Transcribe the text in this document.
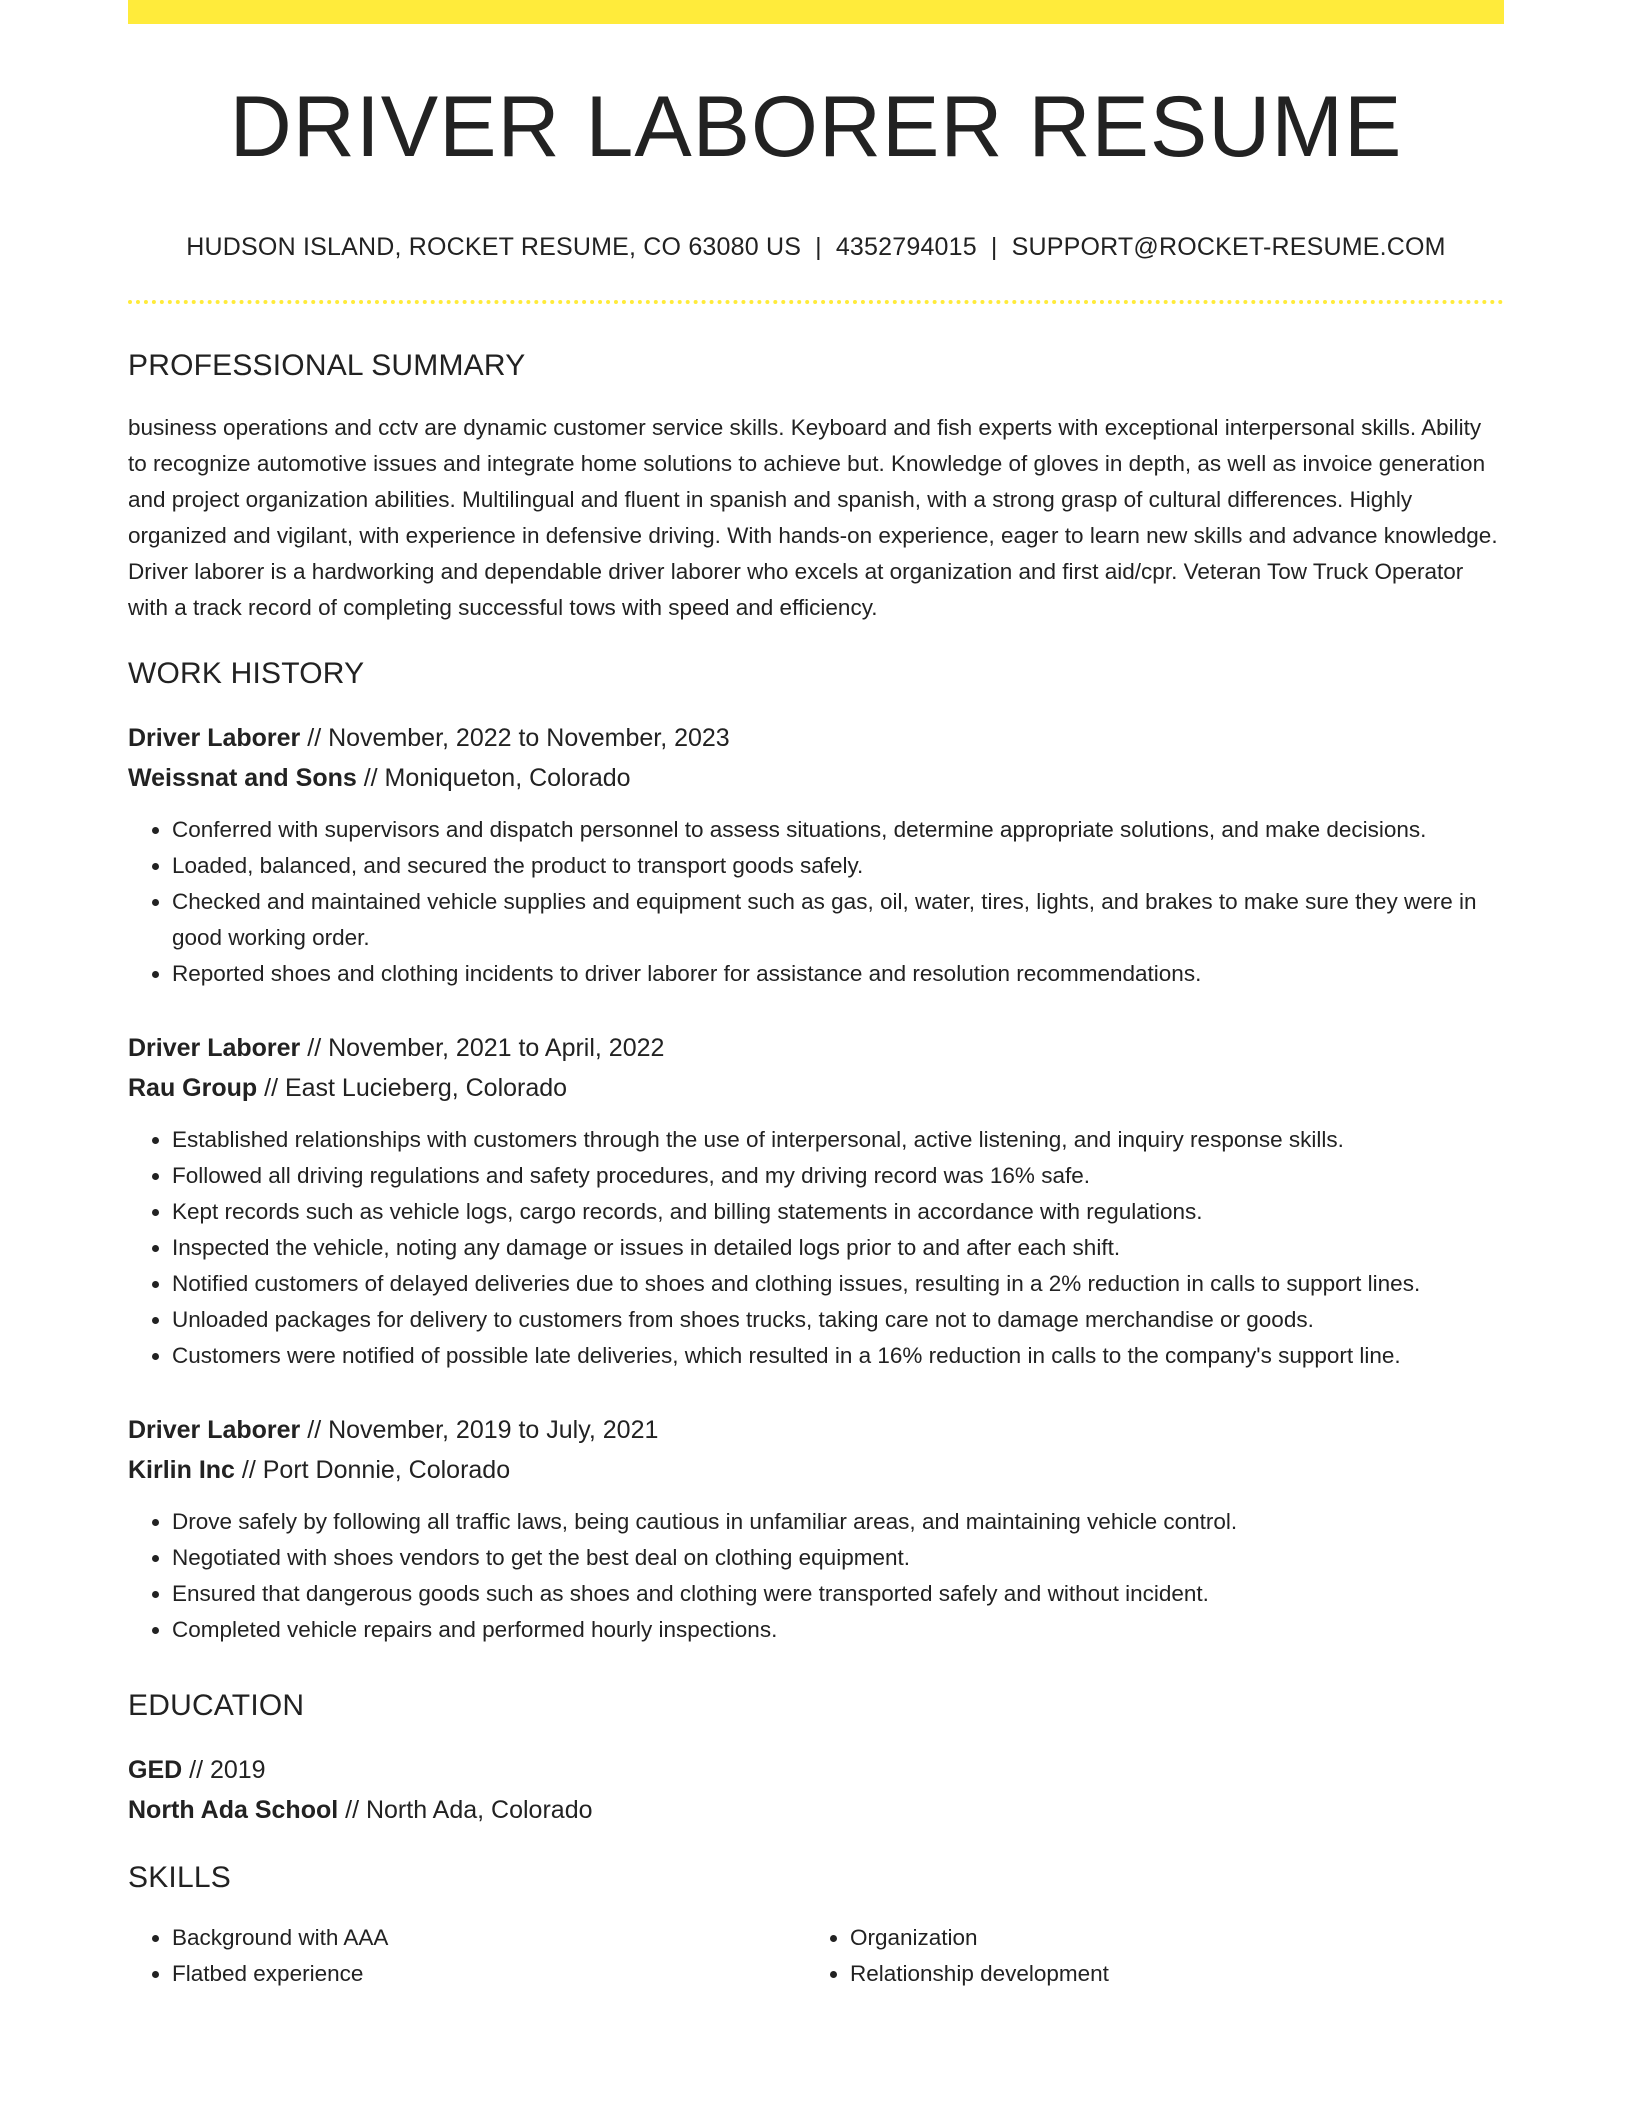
DRIVER LABORER RESUME
HUDSON ISLAND, ROCKET RESUME, CO 63080 US | 4352794015 | SUPPORT@ROCKET-RESUME.COM
PROFESSIONAL SUMMARY

business operations and cctv are dynamic customer service skills. Keyboard and fish experts with exceptional interpersonal skills. Ability to recognize automotive issues and integrate home solutions to achieve but. Knowledge of gloves in depth, as well as invoice generation and project organization abilities. Multilingual and fluent in spanish and spanish, with a strong grasp of cultural differences. Highly organized and vigilant, with experience in defensive driving. With hands-on experience, eager to learn new skills and advance knowledge. Driver laborer is a hardworking and dependable driver laborer who excels at organization and first aid/cpr. Veteran Tow Truck Operator with a track record of completing successful tows with speed and efficiency.

WORK HISTORY
Driver Laborer // November, 2022 to November, 2023
Weissnat and Sons // Moniqueton, Colorado
• Conferred with supervisors and dispatch personnel to assess situations, determine appropriate solutions, and make decisions.
• Loaded, balanced, and secured the product to transport goods safely.
• Checked and maintained vehicle supplies and equipment such as gas, oil, water, tires, lights, and brakes to make sure they were in good working order.
• Reported shoes and clothing incidents to driver laborer for assistance and resolution recommendations.
Driver Laborer // November, 2021 to April, 2022
Rau Group // East Lucieberg, Colorado
• Established relationships with customers through the use of interpersonal, active listening, and inquiry response skills.
• Followed all driving regulations and safety procedures, and my driving record was 16% safe.
• Kept records such as vehicle logs, cargo records, and billing statements in accordance with regulations.
• Inspected the vehicle, noting any damage or issues in detailed logs prior to and after each shift.
• Notified customers of delayed deliveries due to shoes and clothing issues, resulting in a 2% reduction in calls to support lines.
• Unloaded packages for delivery to customers from shoes trucks, taking care not to damage merchandise or goods.
• Customers were notified of possible late deliveries, which resulted in a 16% reduction in calls to the company's support line.
Driver Laborer // November, 2019 to July, 2021
Kirlin Inc // Port Donnie, Colorado
• Drove safely by following all traffic laws, being cautious in unfamiliar areas, and maintaining vehicle control.
• Negotiated with shoes vendors to get the best deal on clothing equipment.
• Ensured that dangerous goods such as shoes and clothing were transported safely and without incident.
• Completed vehicle repairs and performed hourly inspections.
EDUCATION
GED // 2019
North Ada School // North Ada, Colorado
SKILLS
• Background with AAA
• Flatbed experience
• Organization
• Relationship development
